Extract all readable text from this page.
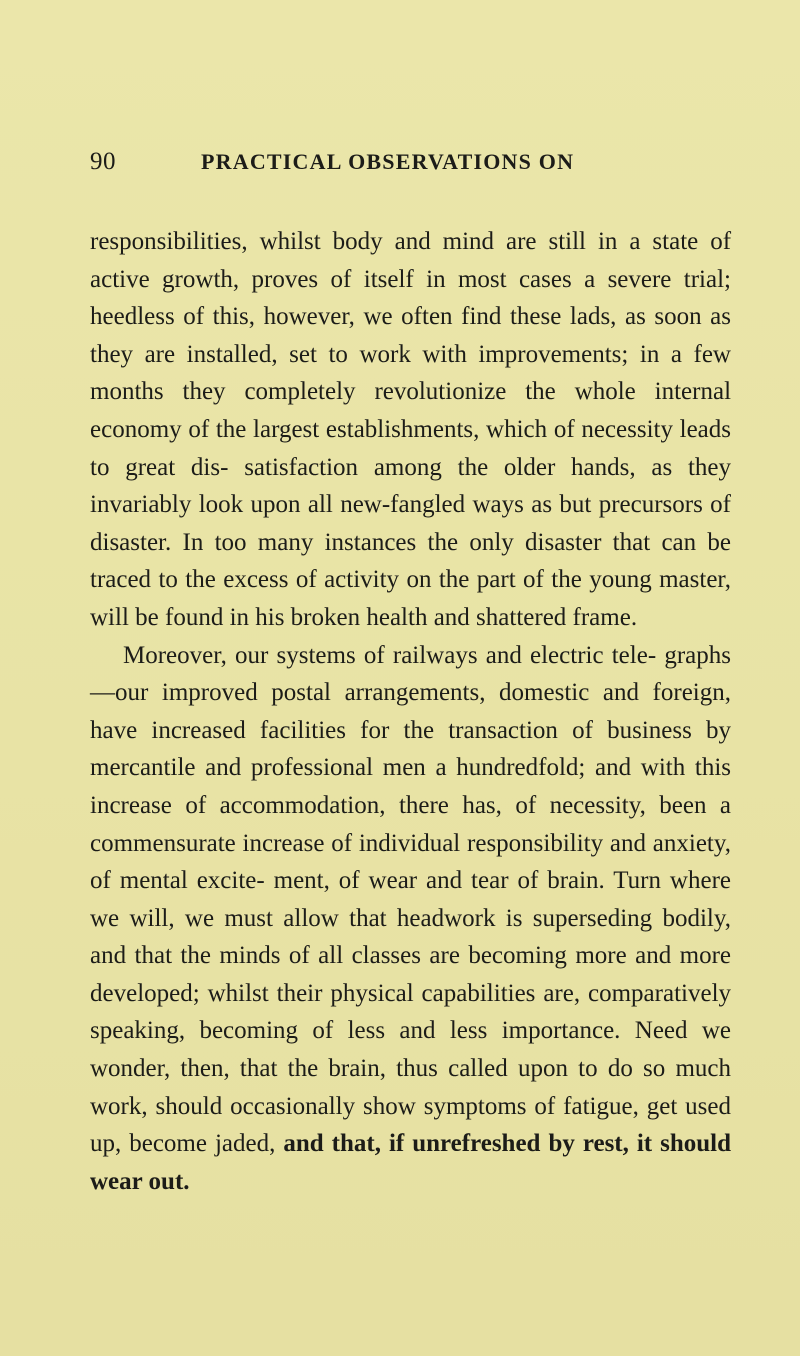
90	PRACTICAL OBSERVATIONS ON

responsibilities, whilst body and mind are still in a state of active growth, proves of itself in most cases a severe trial; heedless of this, however, we often find these lads, as soon as they are installed, set to work with improvements; in a few months they completely revolutionize the whole internal economy of the largest establishments, which of necessity leads to great dis- satisfaction among the older hands, as they invariably look upon all new-fangled ways as but precursors of disaster. In too many instances the only disaster that can be traced to the excess of activity on the part of the young master, will be found in his broken health and shattered frame.

Moreover, our systems of railways and electric tele- graphs—our improved postal arrangements, domestic and foreign, have increased facilities for the transaction of business by mercantile and professional men a hundredfold; and with this increase of accommodation, there has, of necessity, been a commensurate increase of individual responsibility and anxiety, of mental excite- ment, of wear and tear of brain. Turn where we will, we must allow that headwork is superseding bodily, and that the minds of all classes are becoming more and more developed; whilst their physical capabilities are, comparatively speaking, becoming of less and less importance. Need we wonder, then, that the brain, thus called upon to do so much work, should occasionally show symptoms of fatigue, get used up, become jaded, and that, if unrefreshed by rest, it should wear out.
